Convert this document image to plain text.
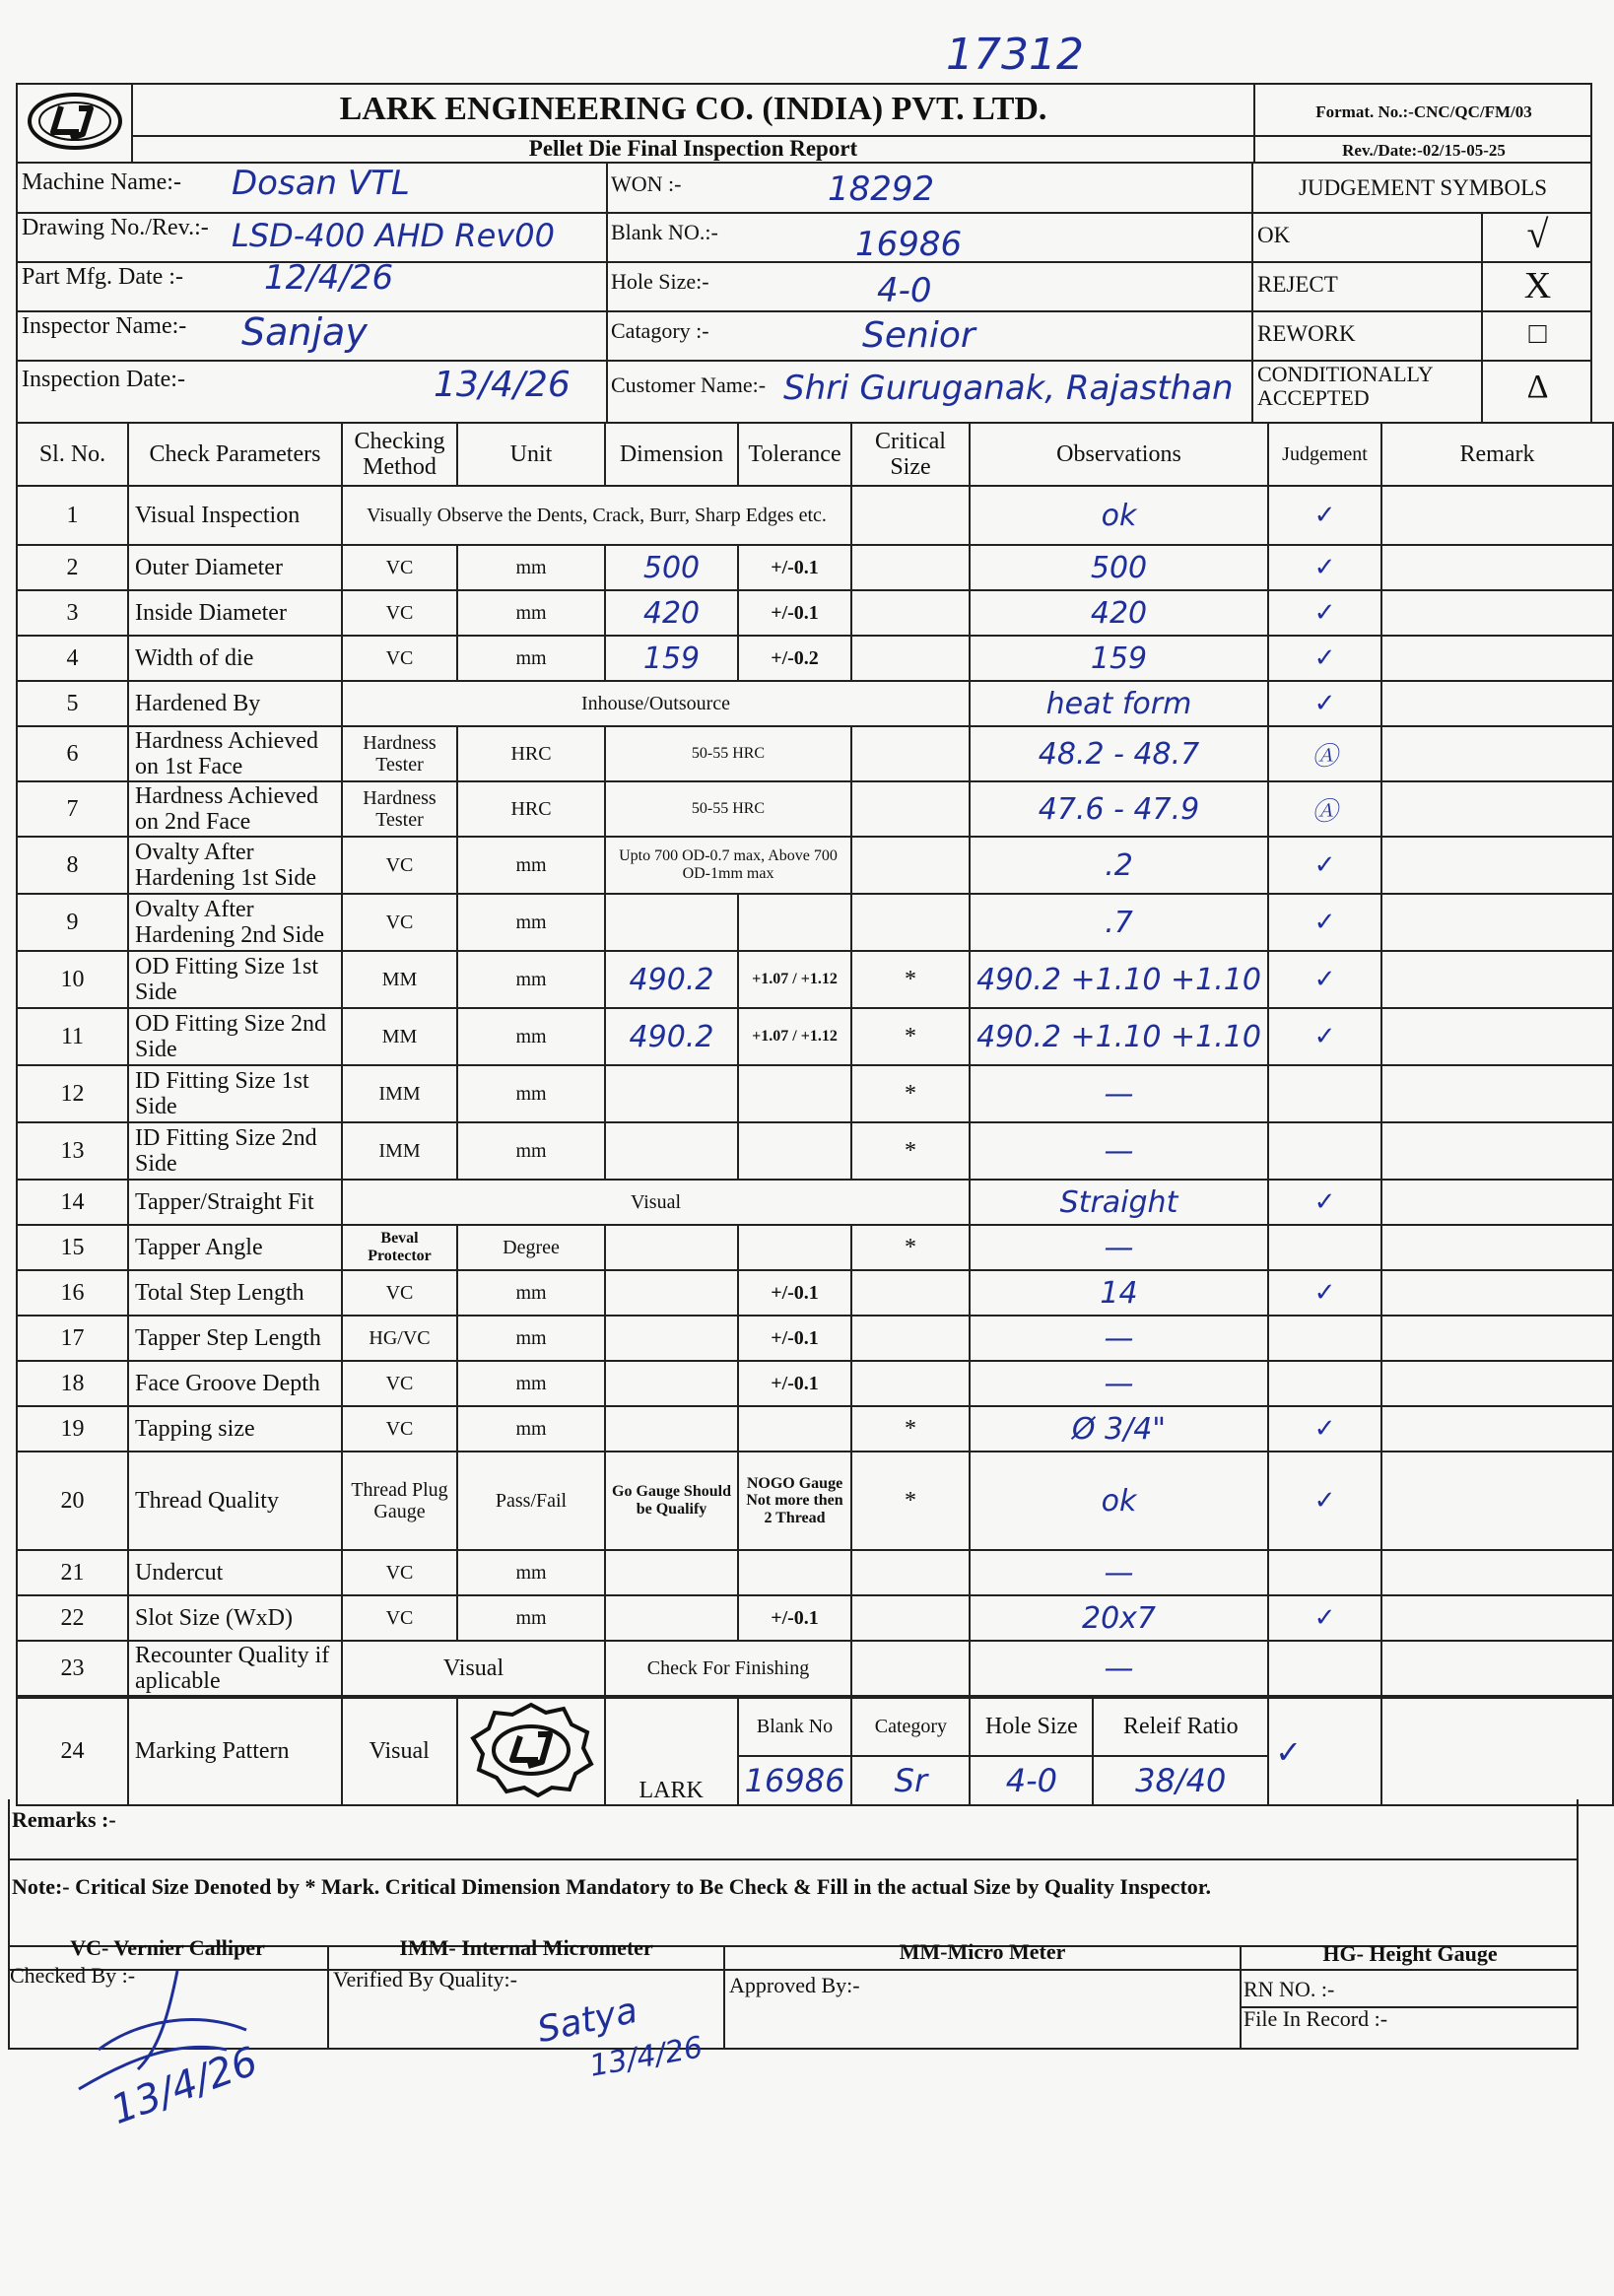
17312
LARK ENGINEERING CO. (INDIA) PVT. LTD.
Pellet Die Final Inspection Report
Format. No.:-CNC/QC/FM/03
Rev./Date:-02/15-05-25
Machine Name:- Dosan VTL
Drawing No./Rev.:- LSD-400 AHD Rev00
Part Mfg. Date :- 12/4/26
Inspector Name:- Sanjay
Inspection Date:-	13/4/26
WON :-	18292
Blank NO.:-	16986
Hole Size:-	4-0
Catagory :-	Senior
Customer Name:- Shri Guruganak, Rajasthan
JUDGEMENT SYMBOLS
OK	√
REJECT	X
REWORK	□
CONDITIONALLY ACCEPTED	Δ
Sl. No.	Check Parameters	Checking Method	Unit	Dimension	Tolerance	Critical Size	Observations	Judgement	Remark
1	Visual Inspection	Visually Observe the Dents, Crack, Burr, Sharp Edges etc.					ok	✓	
2	Outer Diameter	VC	mm	500	+/-0.1		500	✓	
3	Inside Diameter	VC	mm	420	+/-0.1		420	✓	
4	Width of die	VC	mm	159	+/-0.2		159	✓	
5	Hardened By	Inhouse/Outsource					heat form	✓	
6	Hardness Achieved on 1st Face	Hardness Tester	HRC	50-55 HRC			48.2 - 48.7	Ⓐ	
7	Hardness Achieved on 2nd Face	Hardness Tester	HRC	50-55 HRC			47.6 - 47.9	Ⓐ	
8	Ovalty After Hardening 1st Side	VC	mm	Upto 700 OD-0.7 max, Above 700 OD-1mm max			.2	✓	
9	Ovalty After Hardening 2nd Side	VC	mm				.7	✓	
10	OD Fitting Size 1st Side	MM	mm	490.2	+1.07 / +1.12	*	490.2 +1.10 +1.10	✓	
11	OD Fitting Size 2nd Side	MM	mm	490.2	+1.07 / +1.12	*	490.2 +1.10 +1.10	✓	
12	ID Fitting Size 1st Side	IMM	mm			*	—		
13	ID Fitting Size 2nd Side	IMM	mm			*	—		
14	Tapper/Straight Fit	Visual					Straight	✓	
15	Tapper Angle	Beval Protector	Degree			*	—		
16	Total Step Length	VC	mm		+/-0.1		14	✓	
17	Tapper Step Length	HG/VC	mm		+/-0.1		—		
18	Face Groove Depth	VC	mm		+/-0.1		—		
19	Tapping size	VC	mm			*	Ø 3/4"	✓	
20	Thread Quality	Thread Plug Gauge	Pass/Fail	Go Gauge Should be Qualify	NOGO Gauge Not more then 2 Thread	*	ok	✓	
21	Undercut	VC	mm				—		
22	Slot Size (WxD)	VC	mm		+/-0.1		20x7	✓	
23	Recounter Quality if aplicable	Visual		Check For Finishing			—		
24	Marking Pattern	Visual		LARK	Blank No	Category	Hole Size	Releif Ratio	✓	
					16986	Sr	4-0	38/40		
Remarks :-
Note:- Critical Size Denoted by * Mark. Critical Dimension Mandatory to Be Check & Fill in the actual Size by Quality Inspector.
VC- Vernier Calliper	IMM- Internal Micrometer	MM-Micro Meter	HG- Height Gauge
Checked By :-	Verified By Quality:-	Approved By:-	RN NO. :-
File In Record :-
13/4/26
Satya
13/4/26
